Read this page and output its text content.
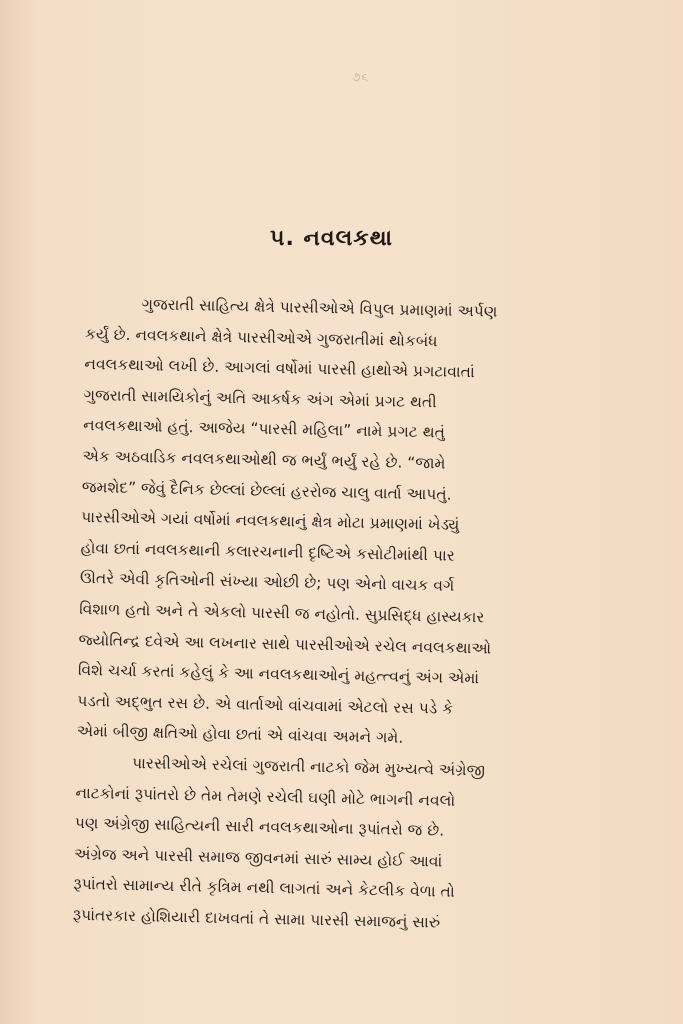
૭૬
૫. નવલકથા
ગુજરાતી સાહિત્ય ક્ષેત્રે પારસીઓએ વિપુલ પ્રમાણમાં અર્પણ
કર્યું છે. નવલકથાને ક્ષેત્રે પારસીઓએ ગુજરાતીમાં થોકબંધ
નવલકથાઓ લખી છે. આગલાં વર્ષોમાં પારસી હાથોએ પ્રગટાવાતાં
ગુજરાતી સામયિકોનું અતિ આકર્ષક અંગ એમાં પ્રગટ થતી
નવલકથાઓ હતું. આજેય “પારસી મહિલા” નામે પ્રગટ થતું
એક અઠવાડિક નવલકથાઓથી જ ભર્યું ભર્યું રહે છે. “જામે
જમશેદ” જેવું દૈનિક છેલ્લાં છેલ્લાં હરરોજ ચાલુ વાર્તા આપતું.
પારસીઓએ ગયાં વર્ષોમાં નવલકથાનું ક્ષેત્ર મોટા પ્રમાણમાં ખેડ્યું
હોવા છતાં નવલકથાની કલારચનાની દૃષ્ટિએ કસોટીમાંથી પાર
ઊતરે એવી કૃતિઓની સંખ્યા ઓછી છે; પણ એનો વાચક વર્ગ
વિશાળ હતો અને તે એકલો પારસી જ નહોતો. સુપ્રસિદ્ધ હાસ્યકાર
જ્યોતિન્દ્ર દવેએ આ લખનાર સાથે પારસીઓએ રચેલ નવલકથાઓ
વિશે ચર્ચા કરતાં કહેલું કે આ નવલકથાઓનું મહત્ત્વનું અંગ એમાં
પડતો અદ્ભુત રસ છે. એ વાર્તાઓ વાંચવામાં એટલો રસ પડે કે
એમાં બીજી ક્ષતિઓ હોવા છતાં એ વાંચવા અમને ગમે.
પારસીઓએ રચેલાં ગુજરાતી નાટકો જેમ મુખ્યત્વે અંગ્રેજી
નાટકોનાં રૂપાંતરો છે તેમ તેમણે રચેલી ઘણી મોટે ભાગની નવલો
પણ અંગ્રેજી સાહિત્યની સારી નવલકથાઓના રૂપાંતરો જ છે.
અંગ્રેજ અને પારસી સમાજ જીવનમાં સારું સામ્ય હોઈ આવાં
રૂપાંતરો સામાન્ય રીતે કૃત્રિમ નથી લાગતાં અને કેટલીક વેળા તો
રૂપાંતરકાર હોશિયારી દાખવતાં તે સામા પારસી સમાજનું સારું
